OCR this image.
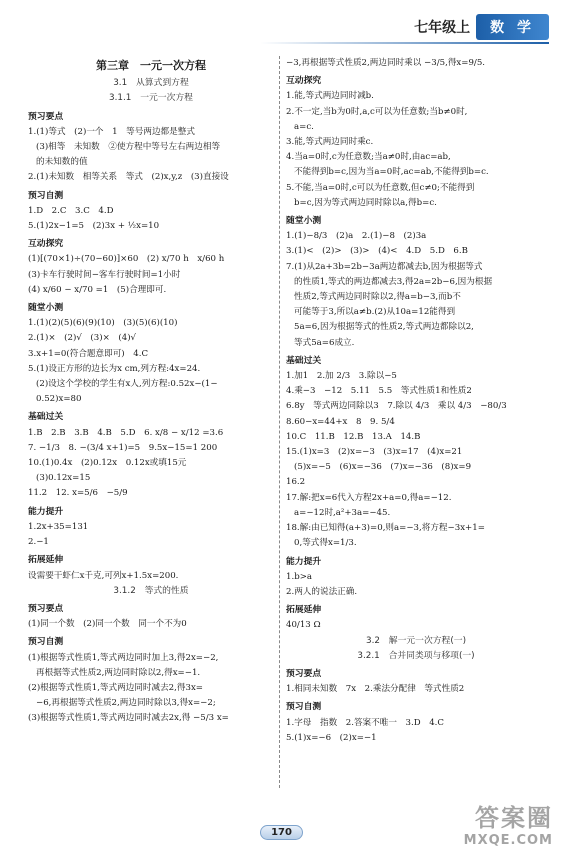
七年级上	数 学
第三章　一元一次方程
3.1　从算式到方程
3.1.1　一元一次方程
预习要点
1.(1)等式　(2)一个　1　等号两边都是整式
(3)相等　未知数　②使方程中等号左右两边相等
的未知数的值
2.(1)未知数　相等关系　等式　(2)x,y,z　(3)直接设
预习自测
1.D　2.C　3.C　4.D
5.(1)2x−1=5　(2)3x + ½x=10
互动探究
(1)[(70×1)÷(70−60)]×60　(2) x/70 h　x/60 h
(3)卡车行驶时间−客车行驶时间=1小时
(4) x/60 − x/70 =1　(5)合理即可.
随堂小测
1.(1)(2)(5)(6)(9)(10)　(3)(5)(6)(10)
2.(1)×　(2)√　(3)×　(4)√
3.x+1=0(符合题意即可)　4.C
5.(1)设正方形的边长为x cm,列方程:4x=24.
(2)设这个学校的学生有x人,列方程:0.52x−(1−
0.52)x=80
基础过关
1.B　2.B　3.B　4.B　5.D　6. x/8 − x/12 =3.6
7. −1/3　8. −(3/4 x+1)=5　9.5x−15=1 200
10.(1)0.4x　(2)0.12x　0.12x或填15元
(3)0.12x=15
11.2　12. x=5/6　−5/9
能力提升
1.2x+35=131
2.−1
拓展延伸
设需要干虾仁x千克,可列x+1.5x=200.
3.1.2　等式的性质
预习要点
(1)同一个数　(2)同一个数　同一个不为0
预习自测
(1)根据等式性质1,等式两边同时加上3,得2x=−2,
再根据等式性质2,两边同时除以2,得x=−1.
(2)根据等式性质1,等式两边同时减去2,得3x=
−6,再根据等式性质2,两边同时除以3,得x=−2;
(3)根据等式性质1,等式两边同时减去2x,得 −5/3 x=
−3,再根据等式性质2,两边同时乘以 −3/5,得x=9/5.
互动探究
1.能,等式两边同时减b.
2.不一定,当b为0时,a,c可以为任意数;当b≠0时,
a=c.
3.能,等式两边同时乘c.
4.当a=0时,c为任意数;当a≠0时,由ac=ab,
不能得到b=c,因为当a=0时,ac=ab,不能得到b=c.
5.不能,当a=0时,c可以为任意数,但c≠0;不能得到
b=c,因为等式两边同时除以a,得b=c.
随堂小测
1.(1)−8/3　(2)a　2.(1)−8　(2)3a
3.(1)<　(2)>　(3)>　(4)<　4.D　5.D　6.B
7.(1)从2a+3b=2b−3a两边都减去b,因为根据等式
的性质1,等式的两边都减去3,得2a=2b−6,因为根据
性质2,等式两边同时除以2,得a=b−3,而b不
可能等于3,所以a≠b.(2)从10a=12能得到
5a=6,因为根据等式的性质2,等式两边都除以2,
等式5a=6成立.
基础过关
1.加1　2.加 2/3　3.除以−5
4.乘−3　−12　5.11　5.5　等式性质1和性质2
6.8y　等式两边同除以3　7.除以 4/3　乘以 4/3　−80/3
8.60−x=44+x　8　9. 5/4
10.C　11.B　12.B　13.A　14.B
15.(1)x=3　(2)x=−3　(3)x=17　(4)x=21
(5)x=−5　(6)x=−36　(7)x=−36　(8)x=9
16.2
17.解:把x=6代入方程2x+a=0,得a=−12.
a=−12时,a²+3a=−45.
18.解:由已知得(a+3)=0,则a=−3,将方程−3x+1=
0,等式得x=1/3.
能力提升
1.b>a
2.两人的说法正确.
拓展延伸
40/13 Ω
3.2　解一元一次方程(一)
3.2.1　合并同类项与移项(一)
预习要点
1.相同未知数　7x　2.乘法分配律　等式性质2
预习自测
1.字母　指数　2.答案不唯一　3.D　4.C
5.(1)x=−6　(2)x=−1
170
答案圈
MXQE.COM
